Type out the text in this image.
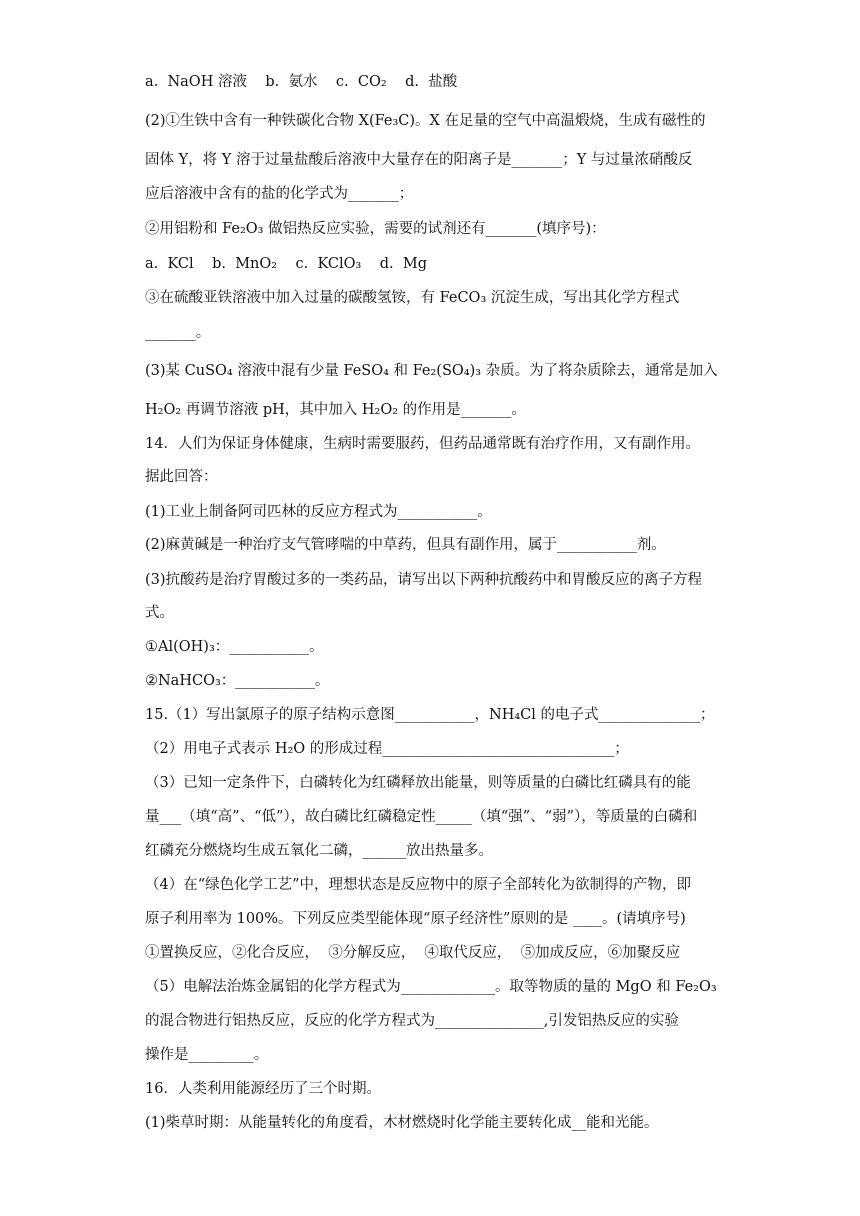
a.  NaOH 溶液    b.  氨水    c.  CO₂    d.  盐酸
(2)①生铁中含有一种铁碳化合物 X(Fe₃C)。X 在足量的空气中高温煅烧，生成有磁性的
固体 Y，将 Y 溶于过量盐酸后溶液中大量存在的阳离子是_______；Y 与过量浓硝酸反
应后溶液中含有的盐的化学式为_______；
②用铝粉和 Fe₂O₃ 做铝热反应实验，需要的试剂还有_______(填序号)：
a.  KCl    b.  MnO₂    c.  KClO₃    d.  Mg
③在硫酸亚铁溶液中加入过量的碳酸氢铵，有 FeCO₃ 沉淀生成，写出其化学方程式
_______。
(3)某 CuSO₄ 溶液中混有少量 FeSO₄ 和 Fe₂(SO₄)₃ 杂质。为了将杂质除去，通常是加入
H₂O₂ 再调节溶液 pH，其中加入 H₂O₂ 的作用是_______。
14．人们为保证身体健康，生病时需要服药，但药品通常既有治疗作用，又有副作用。
据此回答：
(1)工业上制备阿司匹林的反应方程式为___________。
(2)麻黄碱是一种治疗支气管哮喘的中草药，但具有副作用，属于___________剂。
(3)抗酸药是治疗胃酸过多的一类药品，请写出以下两种抗酸药中和胃酸反应的离子方程
式。
①Al(OH)₃：___________。
②NaHCO₃：___________。
15.（1）写出氯原子的原子结构示意图___________，NH₄Cl 的电子式______________；
（2）用电子式表示 H₂O 的形成过程________________________________；
（3）已知一定条件下，白磷转化为红磷释放出能量，则等质量的白磷比红磷具有的能
量___（填“高”、“低”），故白磷比红磷稳定性_____（填“强”、“弱”），等质量的白磷和
红磷充分燃烧均生成五氧化二磷，______放出热量多。
（4）在“绿色化学工艺”中，理想状态是反应物中的原子全部转化为欲制得的产物，即
原子利用率为 100%。下列反应类型能体现“原子经济性”原则的是 ____。(请填序号)
①置换反应，②化合反应，  ③分解反应，  ④取代反应，  ⑤加成反应，⑥加聚反应
（5）电解法治炼金属铝的化学方程式为_____________。取等物质的量的 MgO 和 Fe₂O₃
的混合物进行铝热反应，反应的化学方程式为_______________,引发铝热反应的实验
操作是_________。
16．人类利用能源经历了三个时期。
(1)柴草时期：从能量转化的角度看，木材燃烧时化学能主要转化成__能和光能。
